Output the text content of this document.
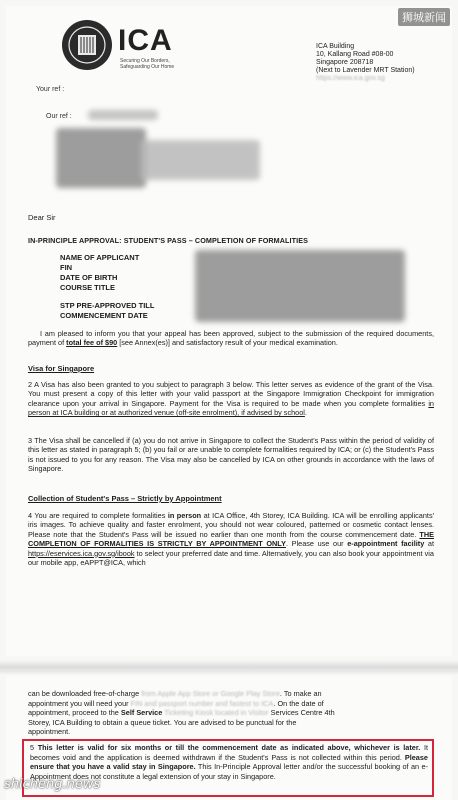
狮城新闻
ICA
Securing Our Borders, Safeguarding Our Home
ICA Building
10, Kallang Road #08-00
Singapore 208718
(Next to Lavender MRT Station)
https://www.ica.gov.sg
Your ref :
Our ref :
Dear Sir
IN-PRINCIPLE APPROVAL: STUDENT'S PASS – COMPLETION OF FORMALITIES
NAME OF APPLICANT
FIN
DATE OF BIRTH
COURSE TITLE
STP PRE-APPROVED TILL
COMMENCEMENT DATE
I am pleased to inform you that your appeal has been approved, subject to the submission of the required documents, payment of total fee of $90 [see Annex(es)] and satisfactory result of your medical examination.
Visa for Singapore
2 A Visa has also been granted to you subject to paragraph 3 below. This letter serves as evidence of the grant of the Visa. You must present a copy of this letter with your valid passport at the Singapore Immigration Checkpoint for immigration clearance upon your arrival in Singapore. Payment for the Visa is required to be made when you complete formalities in person at ICA building or at authorized venue (off-site enrolment), if advised by school.
3 The Visa shall be cancelled if (a) you do not arrive in Singapore to collect the Student's Pass within the period of validity of this letter as stated in paragraph 5; (b) you fail or are unable to complete formalities required by ICA; or (c) the Student's Pass is not issued to you for any reason. The Visa may also be cancelled by ICA on other grounds in accordance with the laws of Singapore.
Collection of Student's Pass – Strictly by Appointment
4 You are required to complete formalities in person at ICA Office, 4th Storey, ICA Building. ICA will be enrolling applicants' iris images. To achieve quality and faster enrolment, you should not wear coloured, patterned or cosmetic contact lenses. Please note that the Student's Pass will be issued no earlier than one month from the course commencement date. THE COMPLETION OF FORMALITIES IS STRICTLY BY APPOINTMENT ONLY. Please use our e-appointment facility at https://eservices.ica.gov.sg/ibook to select your preferred date and time. Alternatively, you can also book your appointment via our mobile app, eAPPT@ICA, which
can be downloaded free-of-charge from Apple App Store or Google Play Store. To make an
appointment you will need your FIN and passport number and fastest to ICA. On the date of
appointment, proceed to the Self Service Ticketing Kiosk located in Visitor Services Centre 4th
Storey, ICA Building to obtain a queue ticket. You are advised to be punctual for the
appointment.
5 This letter is valid for six months or till the commencement date as indicated above, whichever is later. It becomes void and the application is deemed withdrawn if the Student's Pass is not collected within this period. Please ensure that you have a valid stay in Singapore. This In-Principle Approval letter and/or the successful booking of an e-Appointment does not constitute a legal extension of your stay in Singapore.
shicheng.news
